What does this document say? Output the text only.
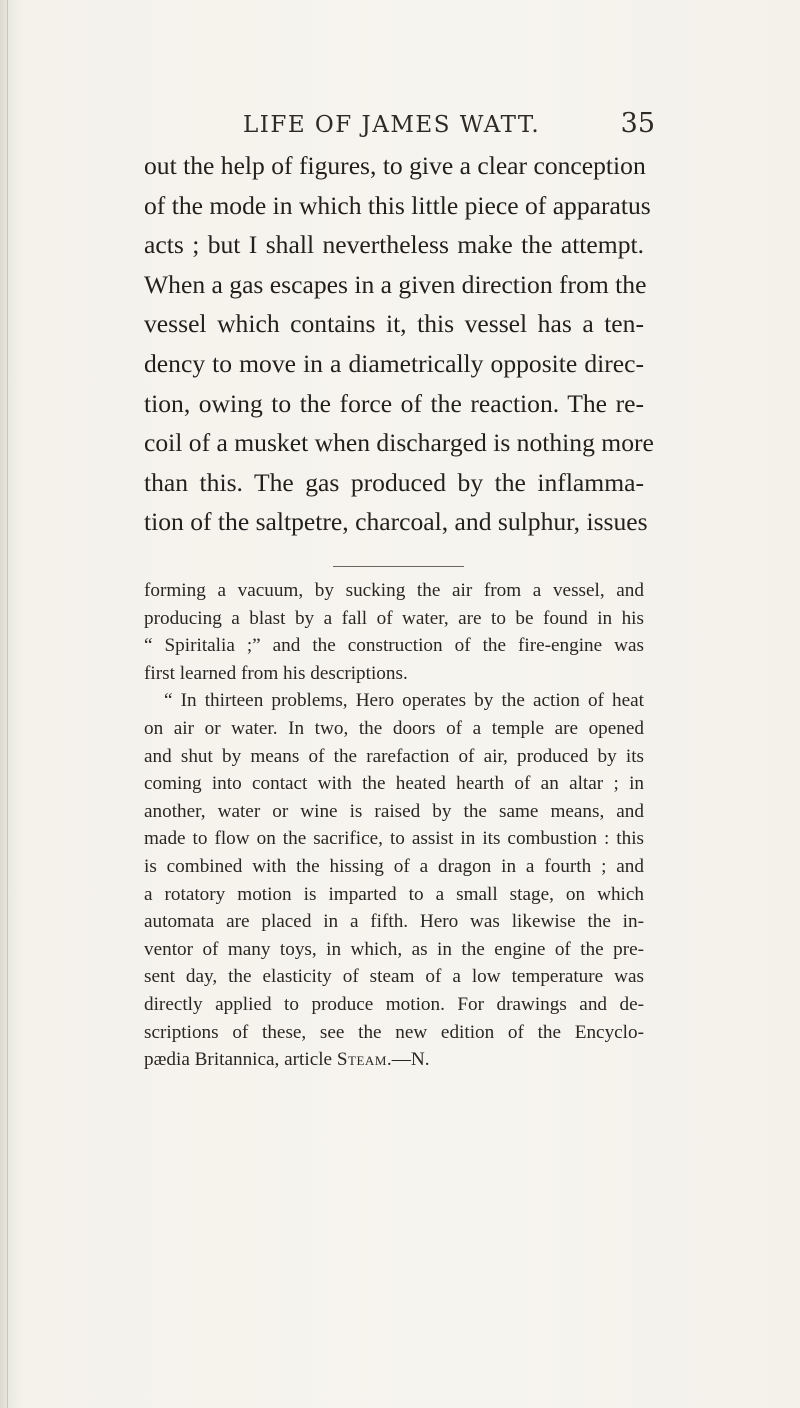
LIFE OF JAMES WATT.	35
out the help of figures, to give a clear conception
of the mode in which this little piece of apparatus
acts ; but I shall nevertheless make the attempt.
When a gas escapes in a given direction from the
vessel which contains it, this vessel has a ten-
dency to move in a diametrically opposite direc-
tion, owing to the force of the reaction. The re-
coil of a musket when discharged is nothing more
than this. The gas produced by the inflamma-
tion of the saltpetre, charcoal, and sulphur, issues
forming a vacuum, by sucking the air from a vessel, and
producing a blast by a fall of water, are to be found in his
“ Spiritalia ;” and the construction of the fire-engine was
first learned from his descriptions.
“ In thirteen problems, Hero operates by the action of heat
on air or water. In two, the doors of a temple are opened
and shut by means of the rarefaction of air, produced by its
coming into contact with the heated hearth of an altar ; in
another, water or wine is raised by the same means, and
made to flow on the sacrifice, to assist in its combustion : this
is combined with the hissing of a dragon in a fourth ; and
a rotatory motion is imparted to a small stage, on which
automata are placed in a fifth. Hero was likewise the in-
ventor of many toys, in which, as in the engine of the pre-
sent day, the elasticity of steam of a low temperature was
directly applied to produce motion. For drawings and de-
scriptions of these, see the new edition of the Encyclo-
pædia Britannica, article Steam.—N.
